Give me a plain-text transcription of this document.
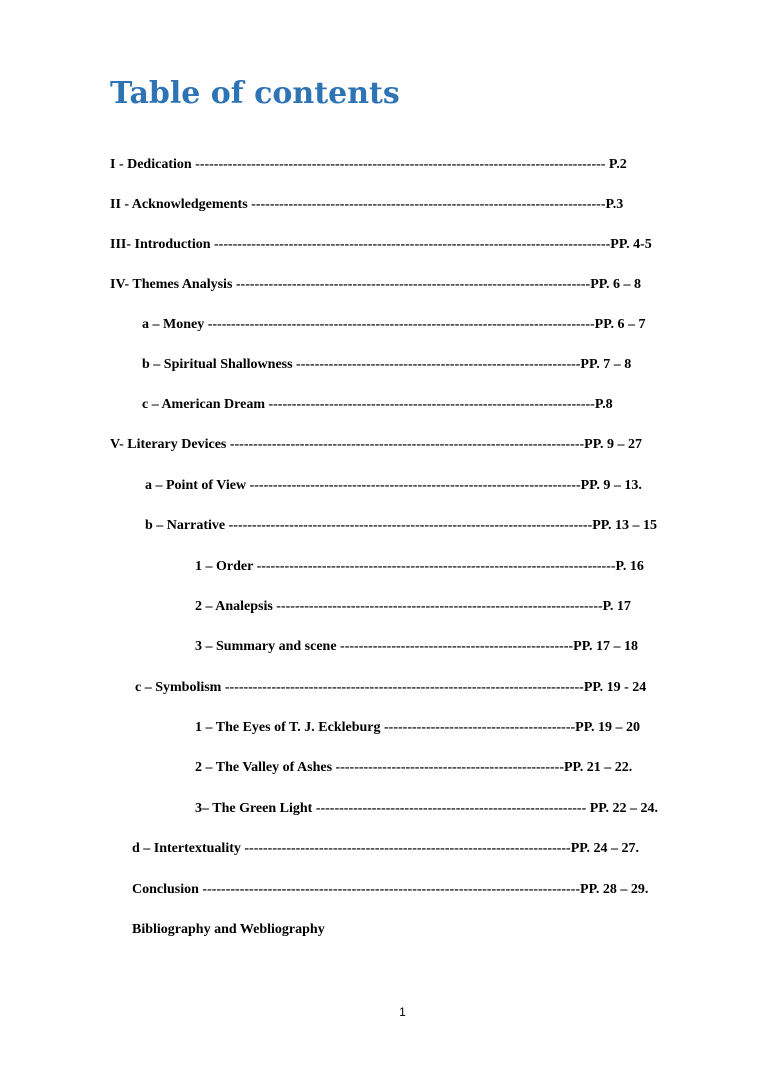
Table of contents
I - Dedication ---------------------------------------------------------------------------------------- P.2
II - Acknowledgements ----------------------------------------------------------------------------P.3
III- Introduction -------------------------------------------------------------------------------------PP. 4-5
IV- Themes Analysis ----------------------------------------------------------------------------PP. 6 – 8
a – Money -----------------------------------------------------------------------------------PP. 6 – 7
b – Spiritual Shallowness -------------------------------------------------------------PP. 7 – 8
c – American Dream ----------------------------------------------------------------------P.8
V- Literary Devices ----------------------------------------------------------------------------PP. 9 – 27
a – Point of View -----------------------------------------------------------------------PP. 9 – 13.
b – Narrative ------------------------------------------------------------------------------PP. 13 – 15
1 – Order -----------------------------------------------------------------------------P. 16
2 – Analepsis ----------------------------------------------------------------------P. 17
3 – Summary and scene --------------------------------------------------PP. 17 – 18
c – Symbolism -----------------------------------------------------------------------------PP. 19 - 24
1 – The Eyes of T. J. Eckleburg -----------------------------------------PP. 19 – 20
2 – The Valley of Ashes -------------------------------------------------PP. 21 – 22.
3– The Green Light ---------------------------------------------------------- PP. 22 – 24.
d – Intertextuality ----------------------------------------------------------------------PP. 24 – 27.
Conclusion ---------------------------------------------------------------------------------PP. 28 – 29.
Bibliography and Webliography
1
